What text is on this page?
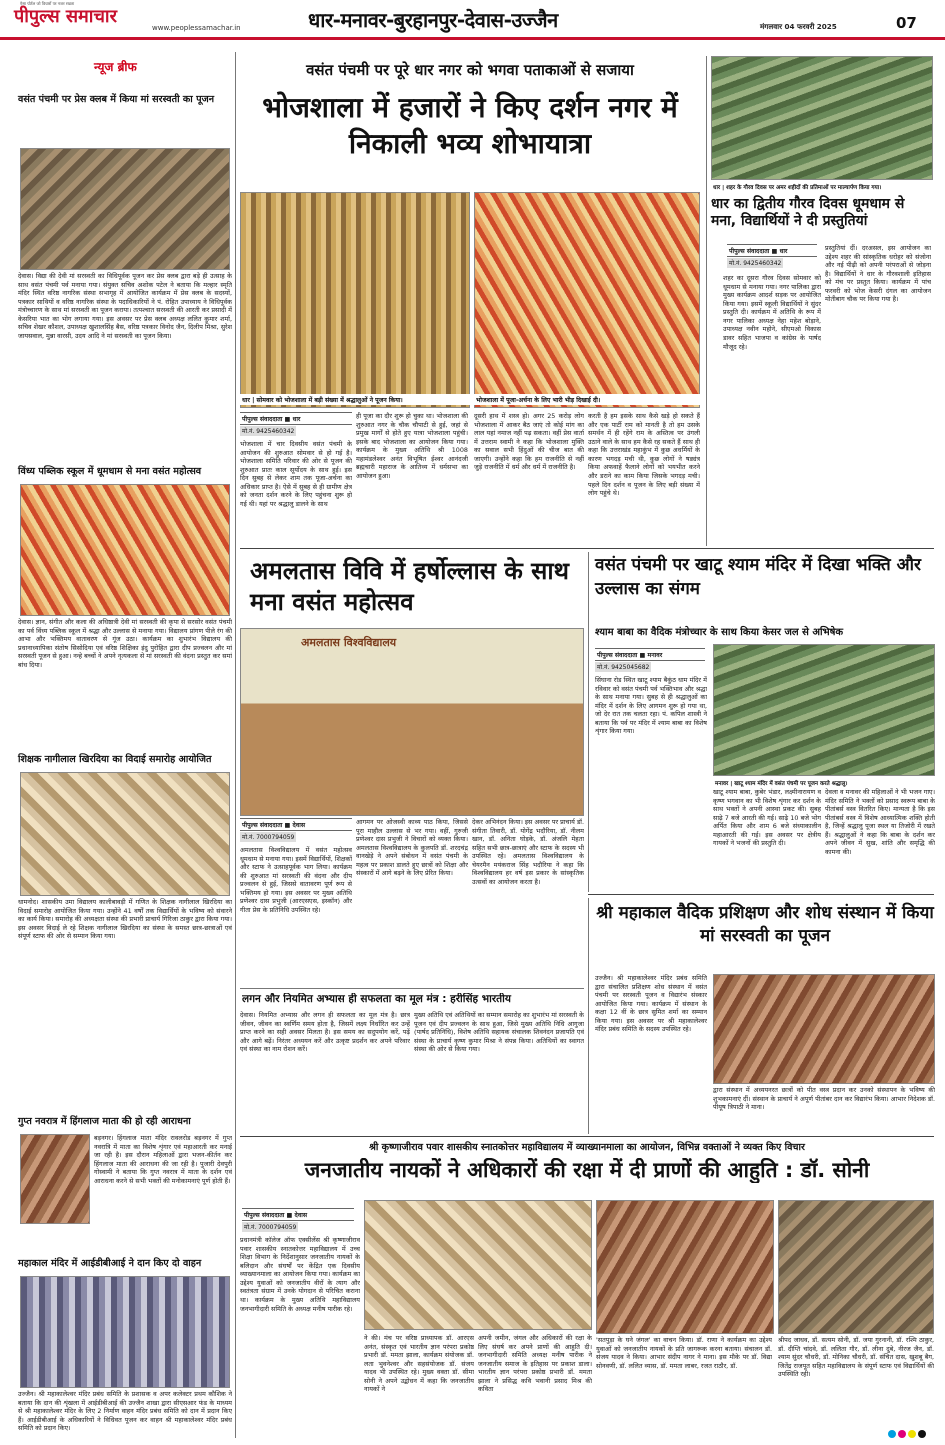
पीपुल्स समाचार
ऐसा पोर्टल जो विचारों पर नजर रखता
www.peoplessamachar.in	धार-मनावर-बुरहानपुर-देवास-उज्जैन	मंगलवार 04 फरवरी 2025	07
न्यूज ब्रीफ
वसंत पंचमी पर प्रेस क्लब में किया मां सरस्वती का पूजन
देवास। विद्या की देवी मां सरस्वती का विधिपूर्वक पूजन कर प्रेस क्लब द्वारा बड़े ही उत्साह के साथ वसंत पंचमी पर्व मनाया गया। संयुक्त सचिव अशोक पटेल ने बताया कि मल्हार स्मृति मंदिर स्थित वरिष्ठ नागरिक संस्था सभागृह में आयोजित कार्यक्रम में प्रेस क्लब के सदस्यों, पत्रकार साथियों व वरिष्ठ नागरिक संस्था के पदाधिकारियों ने पं. रोहित उपाध्याय ने विधिपूर्वक मंत्रोच्चारण के साथ मां सरस्वती का पूजन कराया। तत्पश्चात सरस्वती की आरती कर प्रसादी में केसरिया भात का भोग लगाया गया। इस अवसर पर प्रेस क्लब अध्यक्ष ललित कुमार शर्मा, सचिव शेखर कौशल, उपाध्यक्ष खुशालसिंह बैस, वरिष्ठ पत्रकार विनोद जैन, दिलीप मिश्रा, सुरेश जायसवाल, मुन्ना वारसी, उदय आदि ने मां सरस्वती का पूजन किया।
विंध्य पब्लिक स्कूल में धूमधाम से मना वसंत महोत्सव
देवास। ज्ञान, संगीत और कला की अधिष्ठात्री देवी मां सरस्वती की कृपा से सरसोर वसंत पंचमी का पर्व विंध्य पब्लिक स्कूल में श्रद्धा और उल्लास से मनाया गया। विद्यालय प्रांगण पीले रंग की आभा और भक्तिमय वातावरण से गूंज उठा। कार्यक्रम का शुभारंभ विद्यालय की प्रधानाध्यापिका संतोष सिसोदिया एवं वरिष्ठ शिक्षिका इंदु पुरोहित द्वारा दीप प्रज्वलन और मां सरस्वती पूजन से हुआ। नन्हे बच्चों ने अपने नृत्यकला से मां सरस्वती की वंदना प्रस्तुत कर समां बांध दिया।
शिक्षक नागीलाल खिरदिया का विदाई समारोह आयोजित
धामनोद। शासकीय उमा विद्यालय कालीबावड़ी में गणित के शिक्षक नागीलाल खिरदिया का विदाई समारोह आयोजित किया गया। उन्होंने 41 वर्षों तक विद्यार्थियों के भविष्य को संवारने का कार्य किया। समारोह की अध्यक्षता संस्था की प्रभारी प्राचार्य गिरिजा ठाकुर द्वारा किया गया। इस अवसर विदाई ले रहे शिक्षक नागीलाल खिरदिया का संस्था के समस्त छात्र-छात्राओं एवं संपूर्ण स्टाफ की ओर से सम्मान किया गया।
गुप्त नवरात्र में हिंगलाज माता की हो रही आराधना
बड़नगर। हिंगलाज माता मंदिर रावलरोड बड़नगर में गुप्त नवरात्रि में माता का विशेष शृंगार एवं महाआरती कर मनाई जा रही है। इस दौरान महिलाओं द्वारा भजन-कीर्तन कर हिंगलाज माता की आराधना की जा रही है। पुजारी देवपुरी गोस्वामी ने बताया कि गुप्त नवरात्र में माता के दर्शन एवं आराधना करने से सभी भक्तों की मनोकामनाएं पूर्ण होती हैं।
महाकाल मंदिर में आईडीबीआई ने दान किए दो वाहन
उज्जैन। श्री महाकालेश्वर मंदिर प्रबंध समिति के प्रशासक व अपर कलेक्टर प्रथम कौशिक ने बताया कि दान की शृंखला में आईडीबीआई की उज्जैन शाखा द्वारा सीएसआर फंड के माध्यम से श्री महाकालेश्वर मंदिर के लिए 2 निर्माण वाहन मंदिर प्रबंध समिति को दान में प्रदान किए हैं। आईडीबीआई के अधिकारियों ने विधिवत पूजन कर वाहन श्री महाकालेश्वर मंदिर प्रबंध समिति को प्रदान किए।
वसंत पंचमी पर पूरे धार नगर को भगवा पताकाओं से सजाया
भोजशाला में हजारों ने किए दर्शन नगर में निकाली भव्य शोभायात्रा
धार | सोमवार को भोजशाला में बड़ी संख्या में श्रद्धालुओं ने पूजन किया।	भोजशाला में पूजा-अर्चना के लिए भारी भीड़ दिखाई दी।
पीपुल्स संवाददाता ■ धार
मो.नं. 9425460342
भोजशाला में चार दिवसीय वसंत पंचमी के आयोजन की शुरुआत सोमवार से हो गई है। भोजशाला समिति परिवार की ओर से पूजन की शुरुआत प्रातः काल सूर्योदय के साथ हुई। इस दिन सुबह से लेकर शाम तक पूजा-अर्चना का अधिकार प्राप्त है। ऐसे में सुबह से ही ग्रामीण क्षेत्र को जनता दर्शन करने के लिए पहुंचना शुरू हो गई थी। यहां पर श्रद्धालु डालने के साथ
ही पूजा का दौर शुरू हो चुका था। भोजशाला की शुरुआत नगर के चौक चौपाटी से हुई, जहां से प्रमुख मार्गों से होते हुए यात्रा भोजशाला पहुंची। इसके बाद भोजशाला का आयोजन किया गया। कार्यक्रम के मुख्य अतिथि श्री 1008 महामंडलेश्वर अनंत विभूषित ईश्वर आनंदजी ब्रह्मचारी महाराज के आतिथ्य में धर्मसभा का आयोजन हुआ।
दूसरी हाथ में शस्त्र हो। अगर 25 करोड़ लोग भोजशाला में आकर बैठ जाएं तो कोई मांग का लाल यहां नमाज नहीं पढ़ सकता। वहीं प्रेस वार्ता में उत्तराम स्वामी ने कहा कि भोजशाला मुक्ति का सवाल सभी हिंदुओं की चीज बात की जाएगी। उन्होंने कहा कि हम राजनीति से नहीं जुड़े राजनीति में धर्म और धर्म में राजनीति है।
करती है हम इसके साथ कैसे खड़े हो सकते हैं और एक पार्टी राम को मानती है तो हम उसके समर्थन में ही रहेंगे राम के अस्तित्व पर उंगली उठाने वाले के साथ हम कैसे रह सकते हैं साथ ही कहा कि उत्तराखंड महाकुंभ में कुछ अधर्मियों के कारण भगदड़ मची थी, कुछ लोगों ने षड्यंत्र किया अफवाहें फैलाने लोगों को भयभीत करने और डराने का काम किया जिसके भगदड़ मची। पहले दिन दर्शन व पूजन के लिए बड़ी संख्या में लोग पहुंचे थे।
धार | शहर के गौरव दिवस पर अमर शहीदों की प्रतिमाओं पर माल्यार्पण किया गया।
धार का द्वितीय गौरव दिवस धूमधाम से मना, विद्यार्थियों ने दी प्रस्तुतियां
पीपुल्स संवाददाता ■ धार
मो.नं. 9425460342
शहर का दूसरा गौरव दिवस सोमवार को धूमधाम से मनाया गया। नगर पालिका द्वारा मुख्य कार्यक्रम आदर्श सड़क पर आयोजित किया गया। इसमें स्कूली विद्यार्थियों ने सुंदर प्रस्तुति दी। कार्यक्रम में अतिथि के रूप में नगर पालिका अध्यक्ष नेहा महेश बोड़ाने, उपाध्यक्ष नवीन महोने, सीएमओ विकास डावर सहित भाजपा व कांग्रेस के पार्षद मौजूद रहे।
प्रस्तुतियां दीं। दरअसल, इस आयोजन का उद्देश्य शहर की सांस्कृतिक धरोहर को संजोना और नई पीढ़ी को अपनी परंपराओं से जोड़ना है। विद्यार्थियों ने धार के गौरवशाली इतिहास को मंच पर प्रस्तुत किया। कार्यक्रम में पांच फरवरी को भोज केसरी दंगल का आयोजन मोतीबाग चौक पर किया गया है।
अमलतास विवि में हर्षोल्लास के साथ मना वसंत महोत्सव
अमलतास विश्वविद्यालय
पीपुल्स संवाददाता ■ देवास
मो.नं. 7000794059
अमलतास विश्वविद्यालय में वसंत महोत्सव धूमधाम से मनाया गया। इसमें विद्यार्थियों, शिक्षकों और स्टाफ ने उत्साहपूर्वक भाग लिया। कार्यक्रम की शुरुआत मां सरस्वती की वंदना और दीप प्रज्वलन से हुई, जिससे वातावरण पूर्ण रूप से भक्तिमय हो गया। इस अवसर पर मुख्य अतिथि प्रणेश्वर दास प्रभुजी (आरएसएस, इस्कॉन) और गीता प्रेस के प्रतिनिधि उपस्थित रहे।
आगमन पर ओजस्वी काव्य पाठ किया, जिससे पूरा माहौल उल्लास से भर गया। वहीं, गुरुजी प्रणेश्वर दास प्रभुजी ने विचारों को व्यक्त किया। अमलतास विश्वविद्यालय के कुलपति डॉ. शरदचंद्र वानखेड़े ने अपने संबोधन में वसंत पंचमी के महत्व पर प्रकाश डालते हुए छात्रों को शिक्षा और संस्कारों में आगे बढ़ने के लिए प्रेरित किया।
देकर अभिनंदन किया। इस अवसर पर प्राचार्य डॉ. संगीता तिवारी, डॉ. योगेंद्र भदौरिया, डॉ. नीलम खान, डॉ. अनिता घोड़के, डॉ. अंजलि मेहता सहित सभी छात्र-छात्राएं और स्टाफ के सदस्य भी उपस्थित रहे। अमलतास विश्वविद्यालय के चेयरमैन मयंकराज सिंह भदौरिया ने कहा कि विश्वविद्यालय हर वर्ष इस प्रकार के सांस्कृतिक उत्सवों का आयोजन करता है।
वसंत पंचमी पर खाटू श्याम मंदिर में दिखा भक्ति और उल्लास का संगम
श्याम बाबा का वैदिक मंत्रोच्चार के साथ किया केसर जल से अभिषेक
पीपुल्स संवाददाता ■ मनावर
मो.नं. 9425045682
सिंघाना रोड स्थित खाटू श्याम बैकुंठ धाम मंदिर में रविवार को वसंत पंचमी पर्व भक्तिभाव और श्रद्धा के साथ मनाया गया। सुबह से ही श्रद्धालुओं का मंदिर में दर्शन के लिए आगमन शुरू हो गया था, जो देर रात तक चलता रहा। पं. कपिल शास्त्री ने बताया कि पर्व पर मंदिर में श्याम बाबा का विशेष शृंगार किया गया।
मनावर | खाटू श्याम मंदिर में वसंत पंचमी पर पूजन करते श्रद्धालु।
खाटू श्याम बाबा, कुबेर भंडार, लक्ष्मीनारायण व कृष्ण भगवान का भी विशेष शृंगार कर दर्शन के साथ भक्तों ने अपनी आस्था प्रकट की। सुबह साढ़े 7 बजे आरती की गई। साढ़े 10 बजे भोग अर्पित किया और शाम 6 बजे संध्याकालीन महाआरती की गई। इस अवसर पर क्षेत्रीय गायकों ने भजनों की प्रस्तुति दी।
देवला व मनावर की महिलाओं ने भी भजन गाए। मंदिर समिति ने भक्तों को प्रसाद स्वरूप बाबा के पीतांबर्स वस्त्र वितरित किए। मान्यता है कि इस पीतांबर्स वस्त्र में विशेष आध्यात्मिक शक्ति होती है, जिन्हें श्रद्धालु पूजा स्थल या तिजोरी में रखते हैं। श्रद्धालुओं ने कहा कि बाबा के दर्शन कर अपने जीवन में सुख, शांति और समृद्धि की कामना की।
श्री महाकाल वैदिक प्रशिक्षण और शोध संस्थान में किया मां सरस्वती का पूजन
उज्जैन। श्री महाकालेश्वर मंदिर प्रबंध समिति द्वारा संचालित प्रशिक्षण शोध संस्थान में वसंत पंचमी पर सरस्वती पूजन व विद्यारंभ संस्कार आयोजित किया गया। कार्यक्रम में संस्थान के कक्षा 12 वीं के छात्र सुमित शर्मा का सम्मान किया गया। इस अवसर पर श्री महाकालेश्वर मंदिर प्रबंध समिति के सदस्य उपस्थित रहे।
द्वारा संस्थान में अध्ययनरत छात्रों को पीत वस्त्र प्रदान कर उनको संस्थापन के भविष्य की शुभकामनाएं दीं। संस्थान के प्राचार्य ने अपूर्ण पीतांबर दान कर विद्यारंभ किया। आभार निदेशक डॉ. पीयूष त्रिपाठी ने माना।
लगन और नियमित अभ्यास ही सफलता का मूल मंत्र : हरीसिंह भारतीय
देवास। नियमित अभ्यास और लगन ही सफलता का मूल मंत्र है। छात्र जीवन, जीवन का स्वर्णिम समय होता है, जिसमें लक्ष्य निर्धारित कर उन्हें प्राप्त करने का सही अवसर मिलता है। इस समय का सदुपयोग करें, पढ़ें और आगे बढ़ें। निरंतर अध्ययन करें और उत्कृष्ट प्रदर्शन कर अपने परिवार एवं संस्था का नाम रोशन करें।
मुख्य अतिथि एवं अतिथियों का सम्मान समारोह का शुभारंभ मां सरस्वती के पूजन एवं दीप प्रज्वलन के साथ हुआ, जिसे मुख्य अतिथि निधि आगुजा (पार्षद प्रतिनिधि), विशेष अतिथि सहायक संचालक शिवनंदन प्रजापति एवं संस्था के प्राचार्य कृष्ण कुमार मिश्रा ने संपन्न किया। अतिथियों का स्वागत संस्था की ओर से किया गया।
श्री कृष्णाजीराव पवार शासकीय स्नातकोत्तर महाविद्यालय में व्याख्यानमाला का आयोजन, विभिन्न वक्ताओं ने व्यक्त किए विचार
जनजातीय नायकों ने अधिकारों की रक्षा में दी प्राणों की आहुति : डॉ. सोनी
पीपुल्स संवाददाता ■ देवास
मो.नं. 7000794059
प्रधानमंत्री कॉलेज ऑफ एक्सीलेंस श्री कृष्णाजीराव पवार शासकीय स्नातकोत्तर महाविद्यालय में उच्च शिक्षा विभाग के निर्देशानुसार जनजातीय नायकों के बलिदान और संघर्षों पर केंद्रित एक दिवसीय व्याख्यानमाला का आयोजन किया गया। कार्यक्रम का उद्देश्य युवाओं को जनजातीय वीरों के त्याग और स्वतंत्रता संग्राम में उनके योगदान से परिचित कराना था। कार्यक्रम के मुख्य अतिथि महाविद्यालय जनभागीदारी समिति के अध्यक्ष मनीष पारीक रहे।
ने की। मंच पर वरिष्ठ प्राध्यापक डॉ. आरएस अनंत, संस्कृत एवं भारतीय ज्ञान परंपरा प्रकोष्ठ प्रभारी डॉ. ममता झाला, कार्यक्रम संयोजक डॉ. लता भुवनेश्वर और सहसंयोजक डॉ. संजय यादव भी उपस्थित रहे। मुख्य वक्ता डॉ. सीमा सोनी ने अपने उद्बोधन में कहा कि जनजातीय नायकों ने
अपनी जमीन, जंगल और अधिकारों की रक्षा के लिए संघर्ष कर अपने प्राणों की आहुति दी। जनभागीदारी समिति अध्यक्ष मनीष पारीक ने जनजातीय समाज के इतिहास पर प्रकाश डाला। भारतीय ज्ञान परंपरा प्रकोष्ठ प्रभारी डॉ. ममता झाला ने प्रसिद्ध कवि भवानी प्रसाद मिश्र की कविता
'सतपुड़ा के घने जंगल' का वाचन किया। डॉ. राणा ने कार्यक्रम का उद्देश्य युवाओं को जनजातीय नायकों के प्रति जागरूक करना बताया। संचालन डॉ. संजय यादव ने किया। आभार संदीप नागर ने माना। इस मौके पर डॉ. विद्या सोनवणी, डॉ. ललित व्यास, डॉ. ममता लाबर, रजत राठौर, डॉ.
श्रीपद जाधव, डॉ. सत्यम सोनी, डॉ. जया गुरनानी, डॉ. रश्मि ठाकुर, डॉ. दीप्ति चांदवे, डॉ. ललिता गौर, डॉ. लीना दुबे, नीरज जैन, डॉ. श्याम सुंदर चौधरी, डॉ. मोनिका चौधरी, डॉ. संचित दास, खुशबू बैग, जितेंद्र राजपूत सहित महाविद्यालय के संपूर्ण स्टाफ एवं विद्यार्थियों की उपस्थिति रही।
